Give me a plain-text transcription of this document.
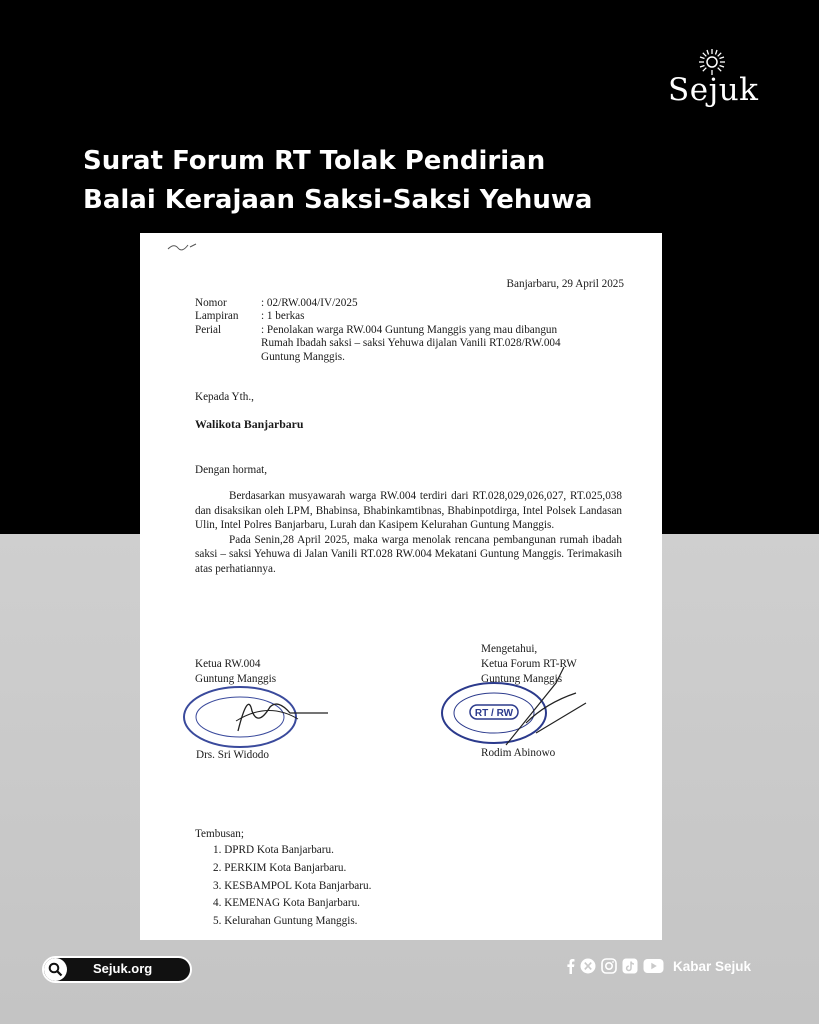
Sejuk
Surat Forum RT Tolak Pendirian
Balai Kerajaan Saksi-Saksi Yehuwa
Banjarbaru, 29 April 2025
Nomor	: 02/RW.004/IV/2025
Lampiran	: 1 berkas
Perial	: Penolakan warga RW.004 Guntung Manggis yang mau dibangun
Rumah Ibadah saksi – saksi Yehuwa dijalan Vanili RT.028/RW.004
Guntung Manggis.
Kepada Yth.,
Walikota Banjarbaru
Dengan hormat,

Berdasarkan musyawarah warga RW.004 terdiri dari RT.028,029,026,027, RT.025,038 dan disaksikan oleh LPM, Bhabinsa, Bhabinkamtibnas, Bhabinpotdirga, Intel Polsek Landasan Ulin, Intel Polres Banjarbaru, Lurah dan Kasipem Kelurahan Guntung Manggis.

Pada Senin,28 April 2025, maka warga menolak rencana pembangunan rumah ibadah saksi – saksi Yehuwa di Jalan Vanili RT.028 RW.004 Mekatani Guntung Manggis. Terimakasih atas perhatiannya.

Ketua RW.004
Guntung Manggis
Mengetahui,
Ketua Forum RT-RW
Guntung Manggis
RT / RW
Drs. Sri Widodo	Rodim Abinowo
Tembusan;
1. DPRD Kota Banjarbaru.
2. PERKIM Kota Banjarbaru.
3. KESBAMPOL Kota Banjarbaru.
4. KEMENAG Kota Banjarbaru.
5. Kelurahan Guntung Manggis.
Sejuk.org	Kabar Sejuk
